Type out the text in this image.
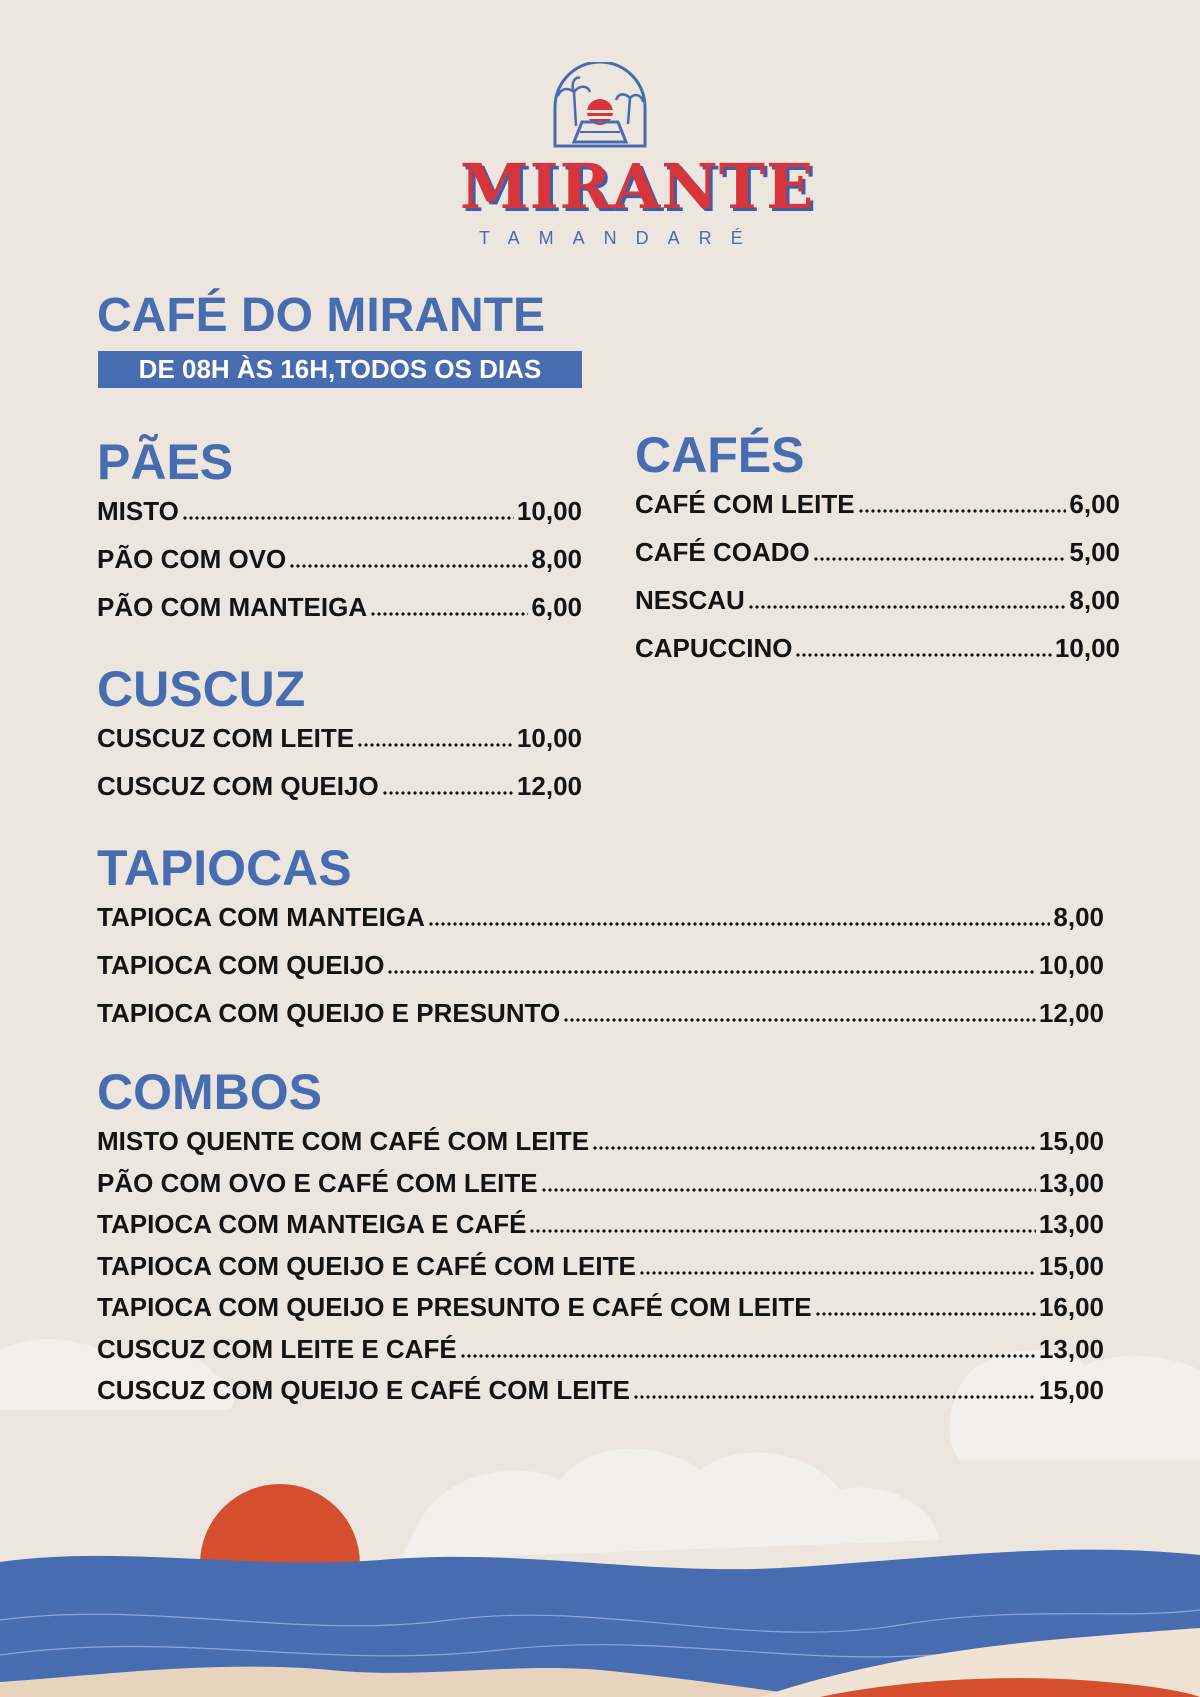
MIRANTE
TAMANDARÉ
CAFÉ DO MIRANTE
DE 08H ÀS 16H,TODOS OS DIAS
PÃES
MISTO	10,00
PÃO COM OVO	8,00
PÃO COM MANTEIGA	6,00
CAFÉS
CAFÉ COM LEITE	6,00
CAFÉ COADO	5,00
NESCAU	8,00
CAPUCCINO	10,00
CUSCUZ
CUSCUZ COM LEITE	10,00
CUSCUZ COM QUEIJO	12,00
TAPIOCAS
TAPIOCA COM MANTEIGA	8,00
TAPIOCA COM QUEIJO	10,00
TAPIOCA COM QUEIJO E PRESUNTO	12,00
COMBOS
MISTO QUENTE COM CAFÉ COM LEITE	15,00
PÃO COM OVO E CAFÉ COM LEITE	13,00
TAPIOCA COM MANTEIGA E CAFÉ	13,00
TAPIOCA COM QUEIJO E CAFÉ COM LEITE	15,00
TAPIOCA COM QUEIJO E PRESUNTO E CAFÉ COM LEITE	16,00
CUSCUZ COM LEITE E CAFÉ	13,00
CUSCUZ COM QUEIJO E CAFÉ COM LEITE	15,00
